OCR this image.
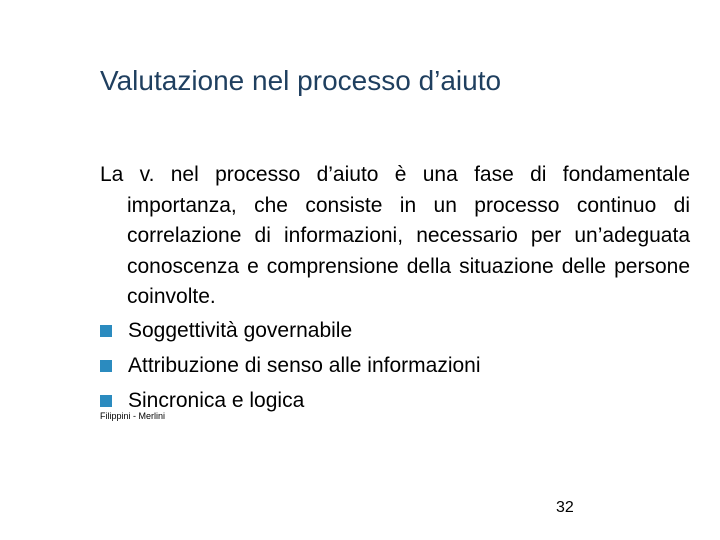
Valutazione nel processo d’aiuto

La v. nel processo d’aiuto è una fase di fondamentale importanza, che consiste in un processo continuo di correlazione di informazioni, necessario per un’adeguata conoscenza e comprensione della situazione delle persone coinvolte.

Soggettività governabile
Attribuzione di senso alle informazioni
Sincronica e logica
Filippini - Merlini
32
